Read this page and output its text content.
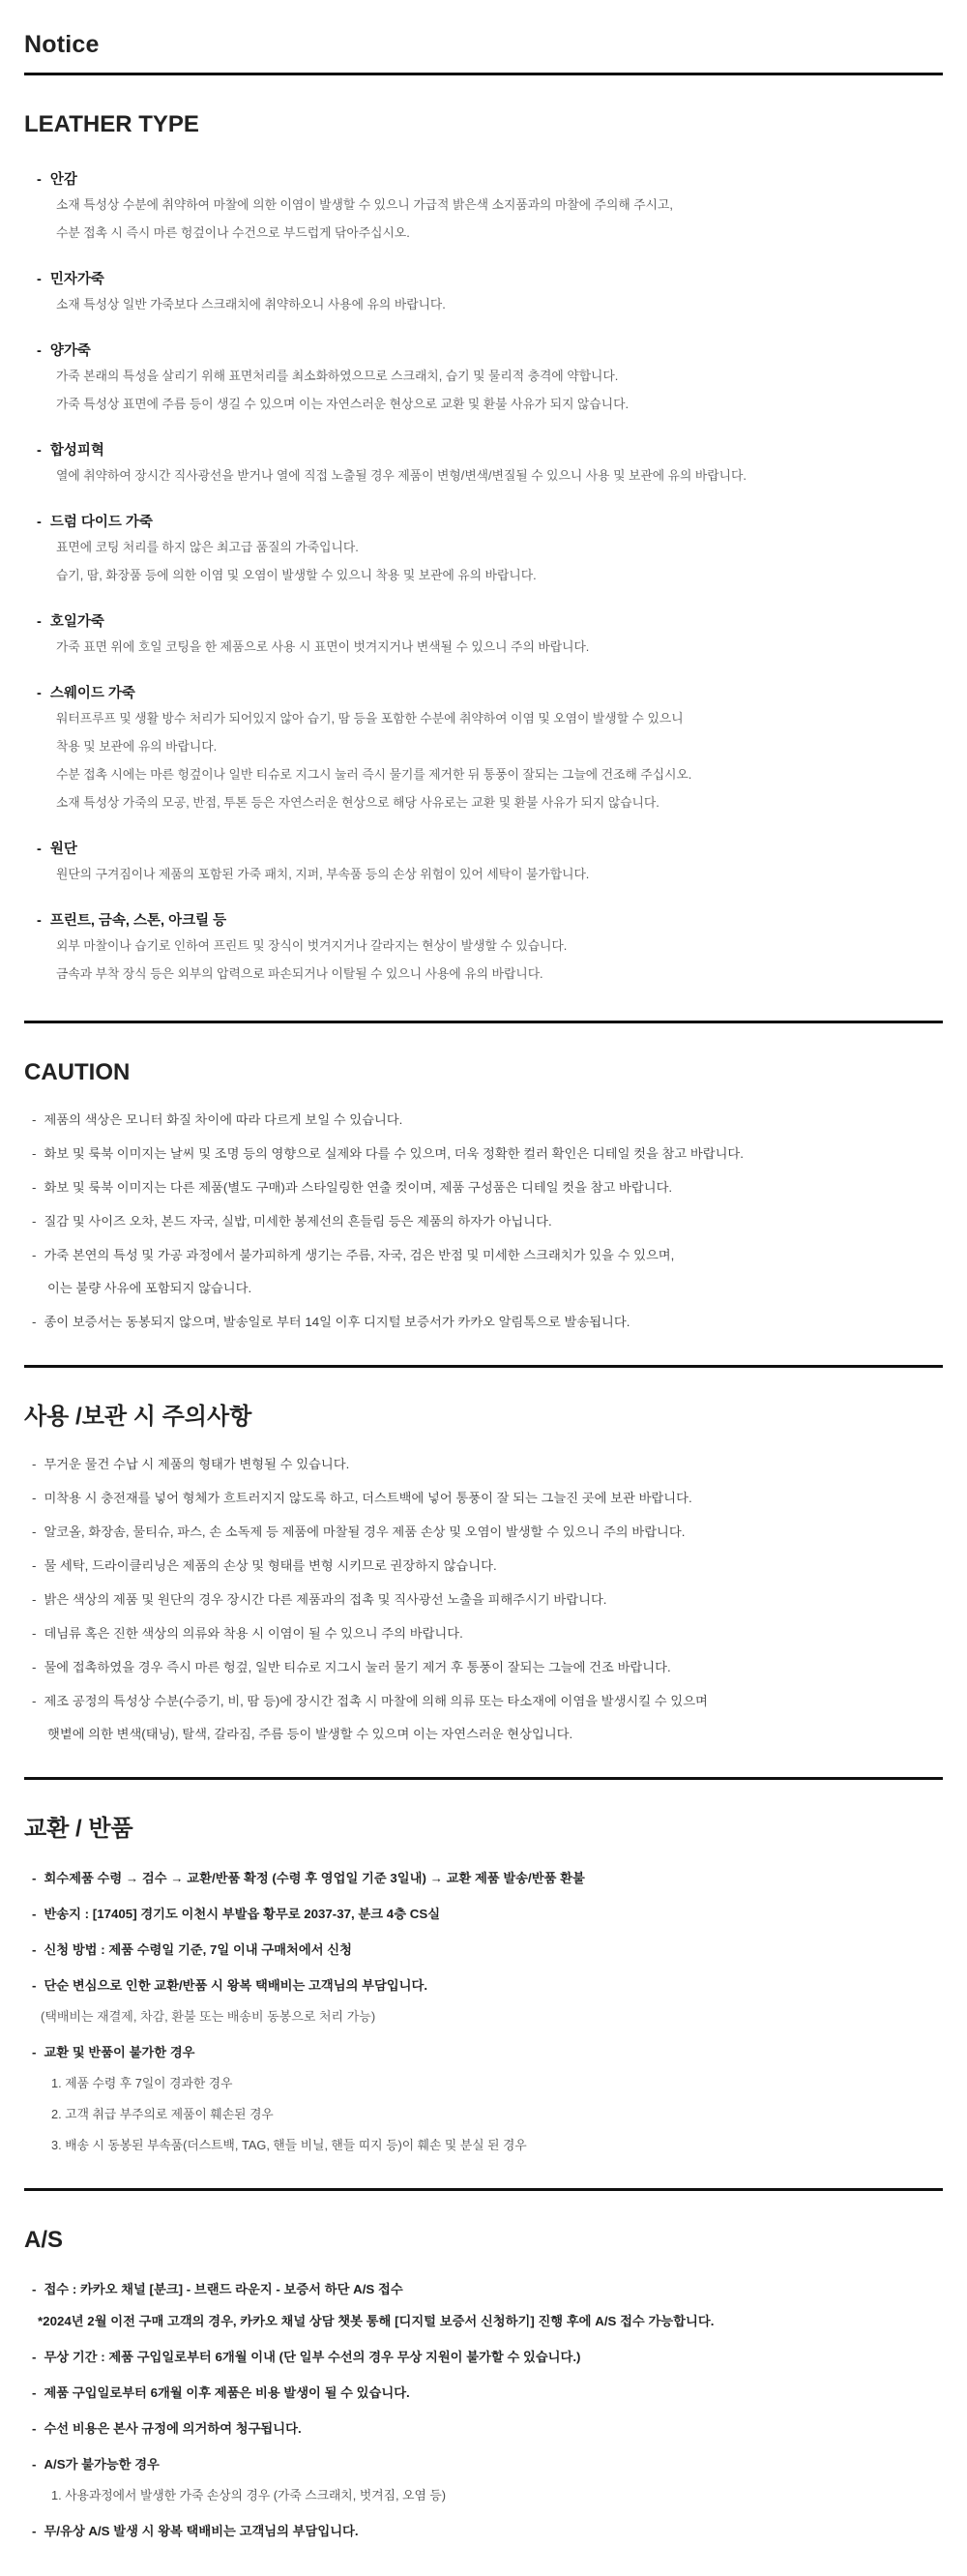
Notice
LEATHER TYPE
- 안감
소재 특성상 수분에 취약하여 마찰에 의한 이염이 발생할 수 있으니 가급적 밝은색 소지품과의 마찰에 주의해 주시고,
수분 접촉 시 즉시 마른 헝겊이나 수건으로 부드럽게 닦아주십시오.
- 민자가죽
소재 특성상 일반 가죽보다 스크래치에 취약하오니 사용에 유의 바랍니다.
- 양가죽
가죽 본래의 특성을 살리기 위해 표면처리를 최소화하였으므로 스크래치, 습기 및 물리적 충격에 약합니다.
가죽 특성상 표면에 주름 등이 생길 수 있으며 이는 자연스러운 현상으로 교환 및 환불 사유가 되지 않습니다.
- 합성피혁
열에 취약하여 장시간 직사광선을 받거나 열에 직접 노출될 경우 제품이 변형/변색/변질될 수 있으니 사용 및 보관에 유의 바랍니다.
- 드럼 다이드 가죽
표면에 코팅 처리를 하지 않은 최고급 품질의 가죽입니다.
습기, 땀, 화장품 등에 의한 이염 및 오염이 발생할 수 있으니 착용 및 보관에 유의 바랍니다.
- 호일가죽
가죽 표면 위에 호일 코팅을 한 제품으로 사용 시 표면이 벗겨지거나 변색될 수 있으니 주의 바랍니다.
- 스웨이드 가죽
워터프루프 및 생활 방수 처리가 되어있지 않아 습기, 땀 등을 포함한 수분에 취약하여 이염 및 오염이 발생할 수 있으니
착용 및 보관에 유의 바랍니다.
수분 접촉 시에는 마른 헝겊이나 일반 티슈로 지그시 눌러 즉시 물기를 제거한 뒤 통풍이 잘되는 그늘에 건조해 주십시오.
소재 특성상 가죽의 모공, 반점, 투톤 등은 자연스러운 현상으로 해당 사유로는 교환 및 환불 사유가 되지 않습니다.
- 원단
원단의 구겨짐이나 제품의 포함된 가죽 패치, 지퍼, 부속품 등의 손상 위험이 있어 세탁이 불가합니다.
- 프린트, 금속, 스톤, 아크릴 등
외부 마찰이나 습기로 인하여 프린트 및 장식이 벗겨지거나 갈라지는 현상이 발생할 수 있습니다.
금속과 부착 장식 등은 외부의 압력으로 파손되거나 이탈될 수 있으니 사용에 유의 바랍니다.
CAUTION
- 제품의 색상은 모니터 화질 차이에 따라 다르게 보일 수 있습니다.
- 화보 및 룩북 이미지는 날씨 및 조명 등의 영향으로 실제와 다를 수 있으며, 더욱 정확한 컬러 확인은 디테일 컷을 참고 바랍니다.
- 화보 및 룩북 이미지는 다른 제품(별도 구매)과 스타일링한 연출 컷이며, 제품 구성품은 디테일 컷을 참고 바랍니다.
- 질감 및 사이즈 오차, 본드 자국, 실밥, 미세한 봉제선의 흔들림 등은 제품의 하자가 아닙니다.
- 가죽 본연의 특성 및 가공 과정에서 불가피하게 생기는 주름, 자국, 검은 반점 및 미세한 스크래치가 있을 수 있으며,
이는 불량 사유에 포함되지 않습니다.
- 종이 보증서는 동봉되지 않으며, 발송일로 부터 14일 이후 디지털 보증서가 카카오 알림톡으로 발송됩니다.
사용 /보관 시 주의사항
- 무거운 물건 수납 시 제품의 형태가 변형될 수 있습니다.
- 미착용 시 충전재를 넣어 형체가 흐트러지지 않도록 하고, 더스트백에 넣어 통풍이 잘 되는 그늘진 곳에 보관 바랍니다.
- 알코올, 화장솜, 물티슈, 파스, 손 소독제 등 제품에 마찰될 경우 제품 손상 및 오염이 발생할 수 있으니 주의 바랍니다.
- 물 세탁, 드라이클리닝은 제품의 손상 및 형태를 변형 시키므로 권장하지 않습니다.
- 밝은 색상의 제품 및 원단의 경우 장시간 다른 제품과의 접촉 및 직사광선 노출을 피해주시기 바랍니다.
- 데님류 혹은 진한 색상의 의류와 착용 시 이염이 될 수 있으니 주의 바랍니다.
- 물에 접촉하였을 경우 즉시 마른 헝겊, 일반 티슈로 지그시 눌러 물기 제거 후 통풍이 잘되는 그늘에 건조 바랍니다.
- 제조 공정의 특성상 수분(수증기, 비, 땀 등)에 장시간 접촉 시 마찰에 의해 의류 또는 타소재에 이염을 발생시킬 수 있으며
햇볕에 의한 변색(태닝), 탈색, 갈라짐, 주름 등이 발생할 수 있으며 이는 자연스러운 현상입니다.
교환 / 반품
- 회수제품 수령 → 검수 → 교환/반품 확정 (수령 후 영업일 기준 3일내) → 교환 제품 발송/반품 환불
- 반송지 : [17405] 경기도 이천시 부발읍 황무로 2037-37, 분크 4층 CS실
- 신청 방법 : 제품 수령일 기준, 7일 이내 구매처에서 신청
- 단순 변심으로 인한 교환/반품 시 왕복 택배비는 고객님의 부담입니다.
(택배비는 재결제, 차감, 환불 또는 배송비 동봉으로 처리 가능)
- 교환 및 반품이 불가한 경우
1. 제품 수령 후 7일이 경과한 경우
2. 고객 취급 부주의로 제품이 훼손된 경우
3. 배송 시 동봉된 부속품(더스트백, TAG, 핸들 비닐, 핸들 띠지 등)이 훼손 및 분실 된 경우
A/S
- 접수 : 카카오 채널 [분크] - 브랜드 라운지 - 보증서 하단 A/S 접수
*2024년 2월 이전 구매 고객의 경우, 카카오 채널 상담 챗봇 통해 [디지털 보증서 신청하기] 진행 후에 A/S 접수 가능합니다.
- 무상 기간 : 제품 구입일로부터 6개월 이내 (단 일부 수선의 경우 무상 지원이 불가할 수 있습니다.)
- 제품 구입일로부터 6개월 이후 제품은 비용 발생이 될 수 있습니다.
- 수선 비용은 본사 규정에 의거하여 청구됩니다.
- A/S가 불가능한 경우
1. 사용과정에서 발생한 가죽 손상의 경우 (가죽 스크래치, 벗겨짐, 오염 등)
- 무/유상 A/S 발생 시 왕복 택배비는 고객님의 부담입니다.
